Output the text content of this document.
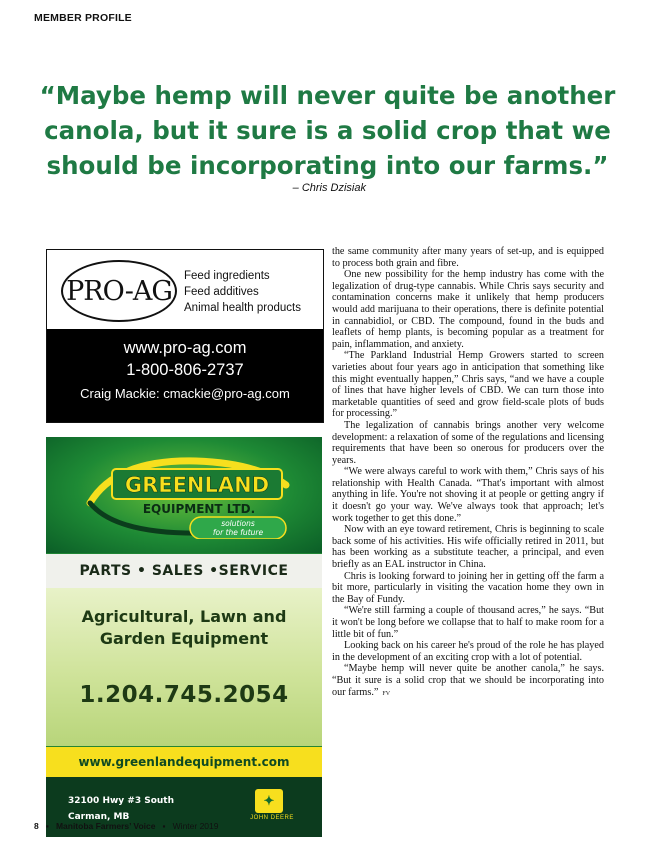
MEMBER PROFILE
“Maybe hemp will never quite be another canola, but it sure is a solid crop that we should be incorporating into our farms.”
– Chris Dzisiak
PRO-AG Feed ingredients
Feed additives
Animal health products
www.pro-ag.com
1-800-806-2737
Craig Mackie: cmackie@pro-ag.com
GREENLAND
EQUIPMENT LTD.
solutions
for the future
PARTS • SALES •SERVICE
Agricultural, Lawn and
Garden Equipment
1.204.745.2054
www.greenlandequipment.com
32100 Hwy #3 South
Carman, MB
✦
JOHN DEERE

the same community after many years of set-up, and is equipped to process both grain and fibre.

One new possibility for the hemp industry has come with the legalization of drug-type cannabis. While Chris says security and contamination concerns make it unlikely that hemp producers would add marijuana to their operations, there is definite potential in cannabidiol, or CBD. The compound, found in the buds and leaflets of hemp plants, is becoming popular as a treatment for pain, inflammation, and anxiety.

“The Parkland Industrial Hemp Growers started to screen varieties about four years ago in anticipation that something like this might eventually happen,” Chris says, “and we have a couple of lines that have higher levels of CBD. We can turn those into marketable quantities of seed and grow field-scale plots of buds for processing.”

The legalization of cannabis brings another very welcome development: a relaxation of some of the regulations and licensing requirements that have been so onerous for producers over the years.

“We were always careful to work with them,” Chris says of his relationship with Health Canada. “That's important with almost anything in life. You're not shoving it at people or getting angry if it doesn't go your way. We've always took that approach; let's work together to get this done.”

Now with an eye toward retirement, Chris is beginning to scale back some of his activities. His wife officially retired in 2011, but has been working as a substitute teacher, a principal, and even briefly as an EAL instructor in China.

Chris is looking forward to joining her in getting off the farm a bit more, particularly in visiting the vacation home they own in the Bay of Fundy.

“We're still farming a couple of thousand acres,” he says. “But it won't be long before we collapse that to half to make room for a little bit of fun.”

Looking back on his career he's proud of the role he has played in the development of an exciting crop with a lot of potential.

“Maybe hemp will never quite be another canola,” he says. “But it sure is a solid crop that we should be incorporating into our farms.” FV

8 ▪ Manitoba Farmers’ Voice ▪ Winter 2019
